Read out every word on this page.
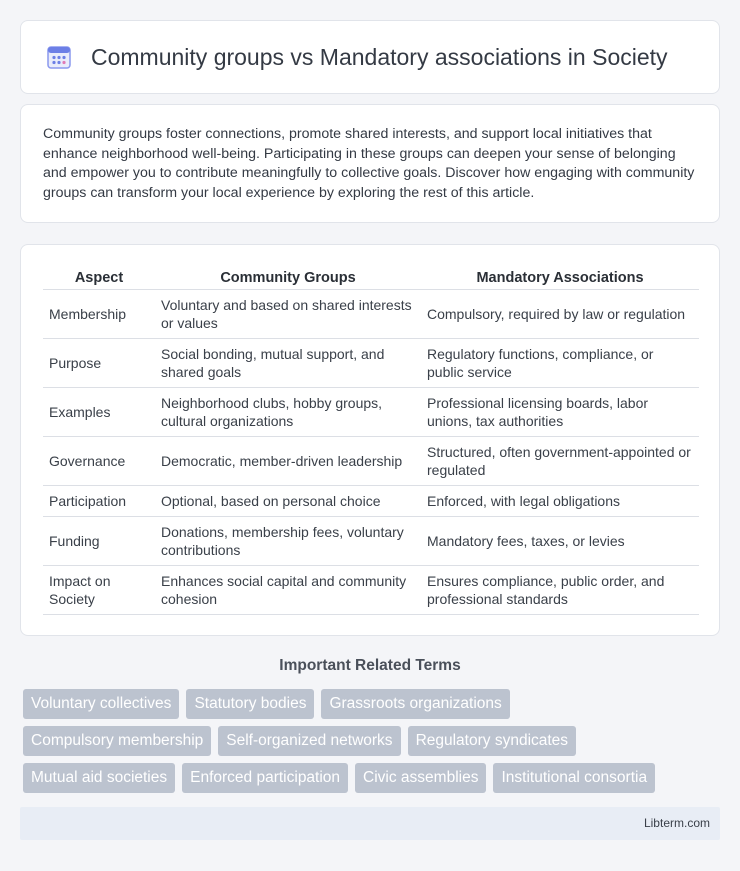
Community groups vs Mandatory associations in Society

Community groups foster connections, promote shared interests, and support local initiatives that enhance neighborhood well-being. Participating in these groups can deepen your sense of belonging and empower you to contribute meaningfully to collective goals. Discover how engaging with community groups can transform your local experience by exploring the rest of this article.

Aspect	Community Groups	Mandatory Associations
Membership	Voluntary and based on shared interests or values	Compulsory, required by law or regulation
Purpose	Social bonding, mutual support, and shared goals	Regulatory functions, compliance, or public service
Examples	Neighborhood clubs, hobby groups, cultural organizations	Professional licensing boards, labor unions, tax authorities
Governance	Democratic, member-driven leadership	Structured, often government-appointed or regulated
Participation	Optional, based on personal choice	Enforced, with legal obligations
Funding	Donations, membership fees, voluntary contributions	Mandatory fees, taxes, or levies
Impact on Society	Enhances social capital and community cohesion	Ensures compliance, public order, and professional standards
Important Related Terms
Voluntary collectives	Statutory bodies	Grassroots organizations
Compulsory membership	Self-organized networks	Regulatory syndicates
Mutual aid societies	Enforced participation	Civic assemblies	Institutional consortia
Libterm.com
